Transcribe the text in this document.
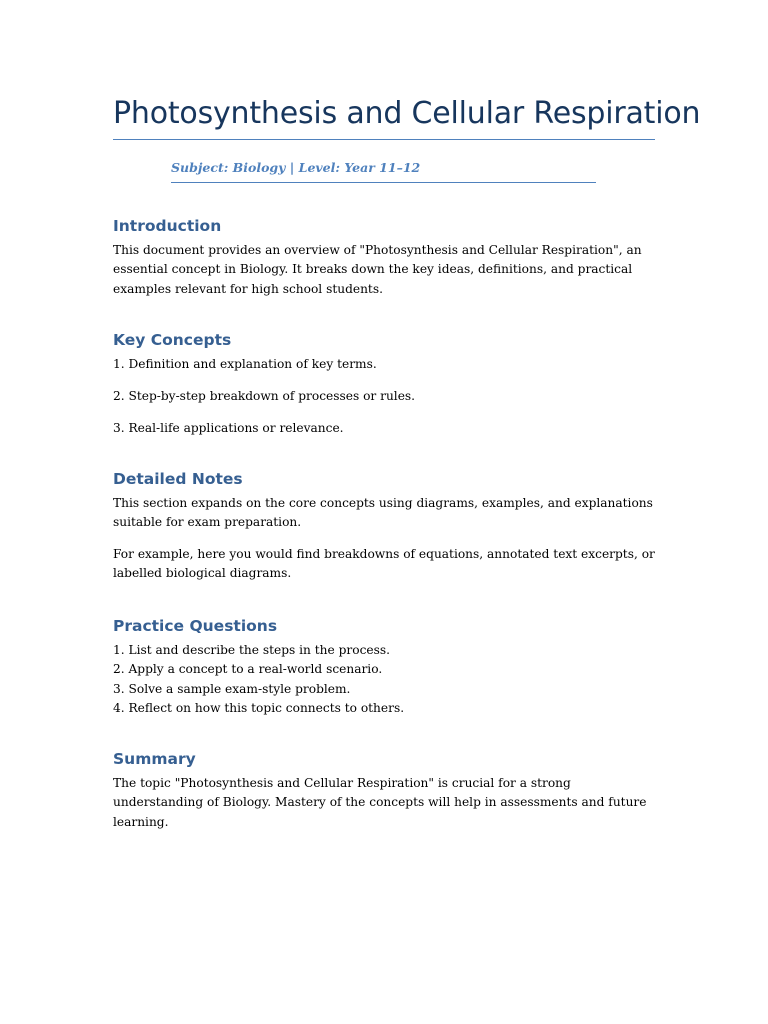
Photosynthesis and Cellular Respiration
Subject: Biology | Level: Year 11–12
Introduction

This document provides an overview of "Photosynthesis and Cellular Respiration", an essential concept in Biology. It breaks down the key ideas, definitions, and practical examples relevant for high school students.

Key Concepts

1. Definition and explanation of key terms.

2. Step-by-step breakdown of processes or rules.

3. Real-life applications or relevance.

Detailed Notes

This section expands on the core concepts using diagrams, examples, and explanations suitable for exam preparation.

For example, here you would find breakdowns of equations, annotated text excerpts, or labelled biological diagrams.

Practice Questions

1. List and describe the steps in the process.

2. Apply a concept to a real-world scenario.

3. Solve a sample exam-style problem.

4. Reflect on how this topic connects to others.

Summary

The topic "Photosynthesis and Cellular Respiration" is crucial for a strong understanding of Biology. Mastery of the concepts will help in assessments and future learning.
